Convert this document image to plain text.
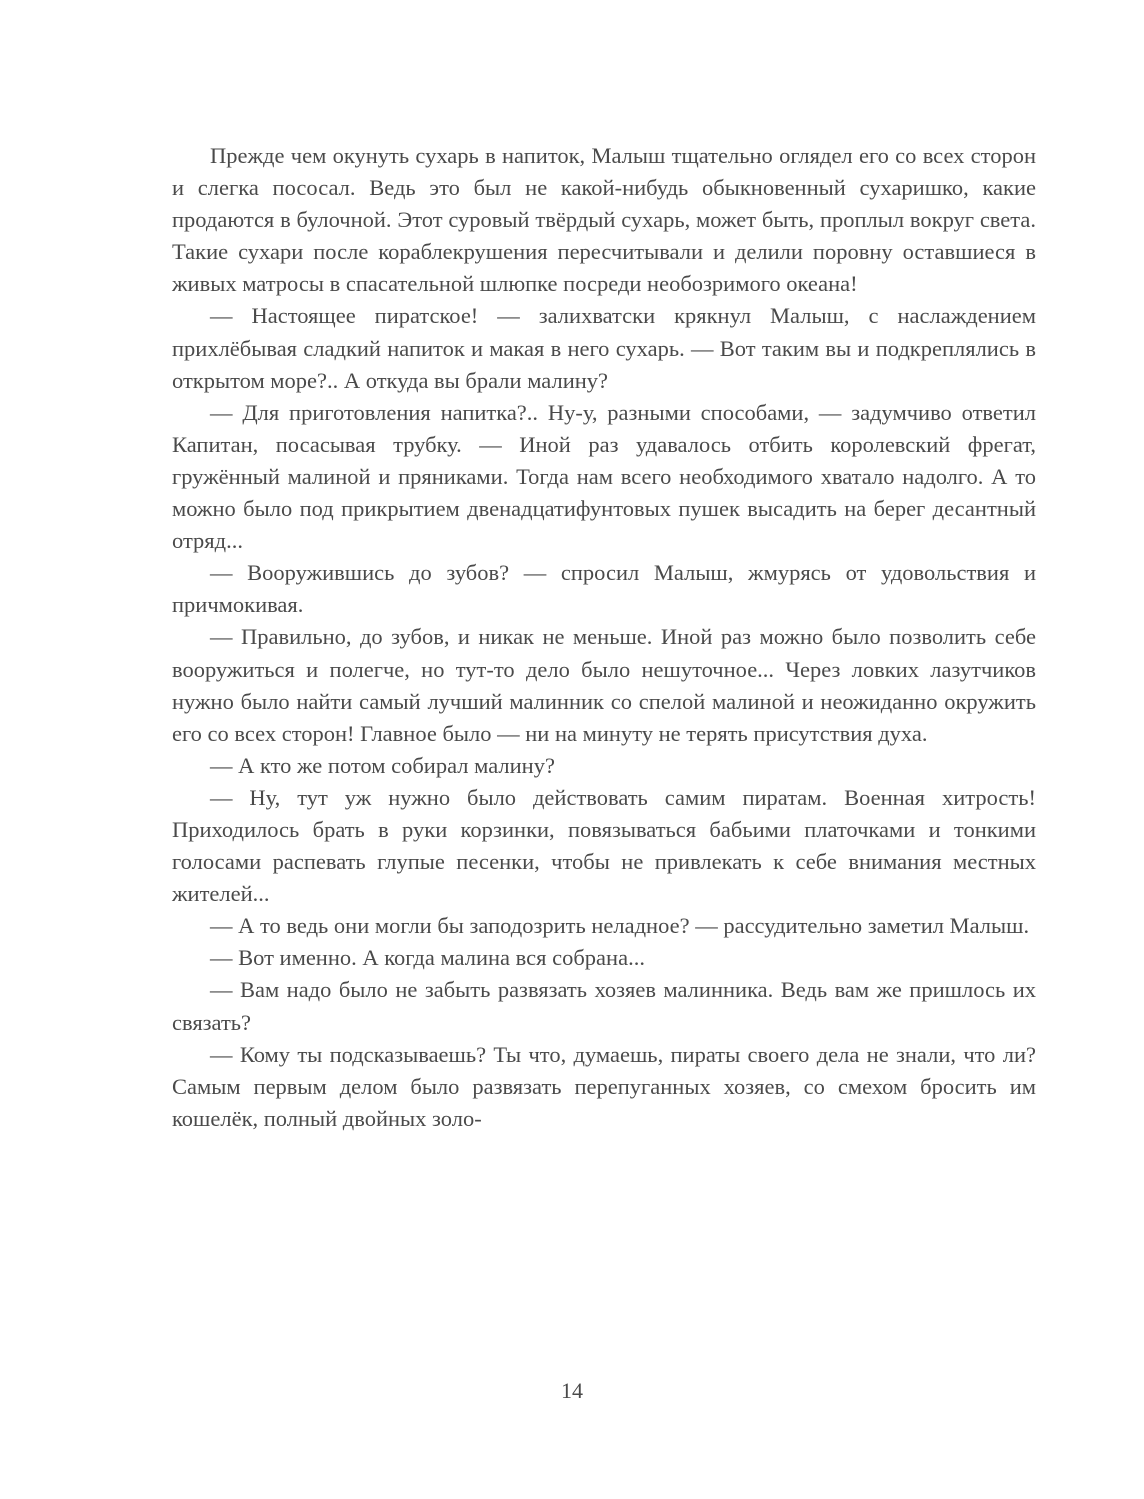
Прежде чем окунуть сухарь в напиток, Малыш тщательно оглядел его со всех сторон и слегка пососал. Ведь это был не какой-нибудь обыкновенный сухаришко, какие продаются в булочной. Этот суровый твёрдый сухарь, может быть, проплыл вокруг света. Такие сухари после кораблекрушения пересчитывали и делили поровну оставшиеся в живых матросы в спасательной шлюпке посреди необозримого океана!

— Настоящее пиратское! — залихватски крякнул Малыш, с наслаждением прихлёбывая сладкий напиток и макая в него сухарь. — Вот таким вы и подкреплялись в открытом море?.. А откуда вы брали малину?

— Для приготовления напитка?.. Ну-у, разными способами, — задумчиво ответил Капитан, посасывая трубку. — Иной раз удавалось отбить королевский фрегат, гружённый малиной и пряниками. Тогда нам всего необходимого хватало надолго. А то можно было под прикрытием двенадцатифунтовых пушек высадить на берег десантный отряд...

— Вооружившись до зубов? — спросил Малыш, жмурясь от удовольствия и причмокивая.

— Правильно, до зубов, и никак не меньше. Иной раз можно было позволить себе вооружиться и полегче, но тут-то дело было нешуточное... Через ловких лазутчиков нужно было найти самый лучший малинник со спелой малиной и неожиданно окружить его со всех сторон! Главное было — ни на минуту не терять присутствия духа.

— А кто же потом собирал малину?

— Ну, тут уж нужно было действовать самим пиратам. Военная хитрость! Приходилось брать в руки корзинки, повязываться бабьими платочками и тонкими голосами распевать глупые песенки, чтобы не привлекать к себе внимания местных жителей...

— А то ведь они могли бы заподозрить неладное? — рассудительно заметил Малыш.

— Вот именно. А когда малина вся собрана...

— Вам надо было не забыть развязать хозяев малинника. Ведь вам же пришлось их связать?

— Кому ты подсказываешь? Ты что, думаешь, пираты своего дела не знали, что ли? Самым первым делом было развязать перепуганных хозяев, со смехом бросить им кошелёк, полный двойных золо-

14
